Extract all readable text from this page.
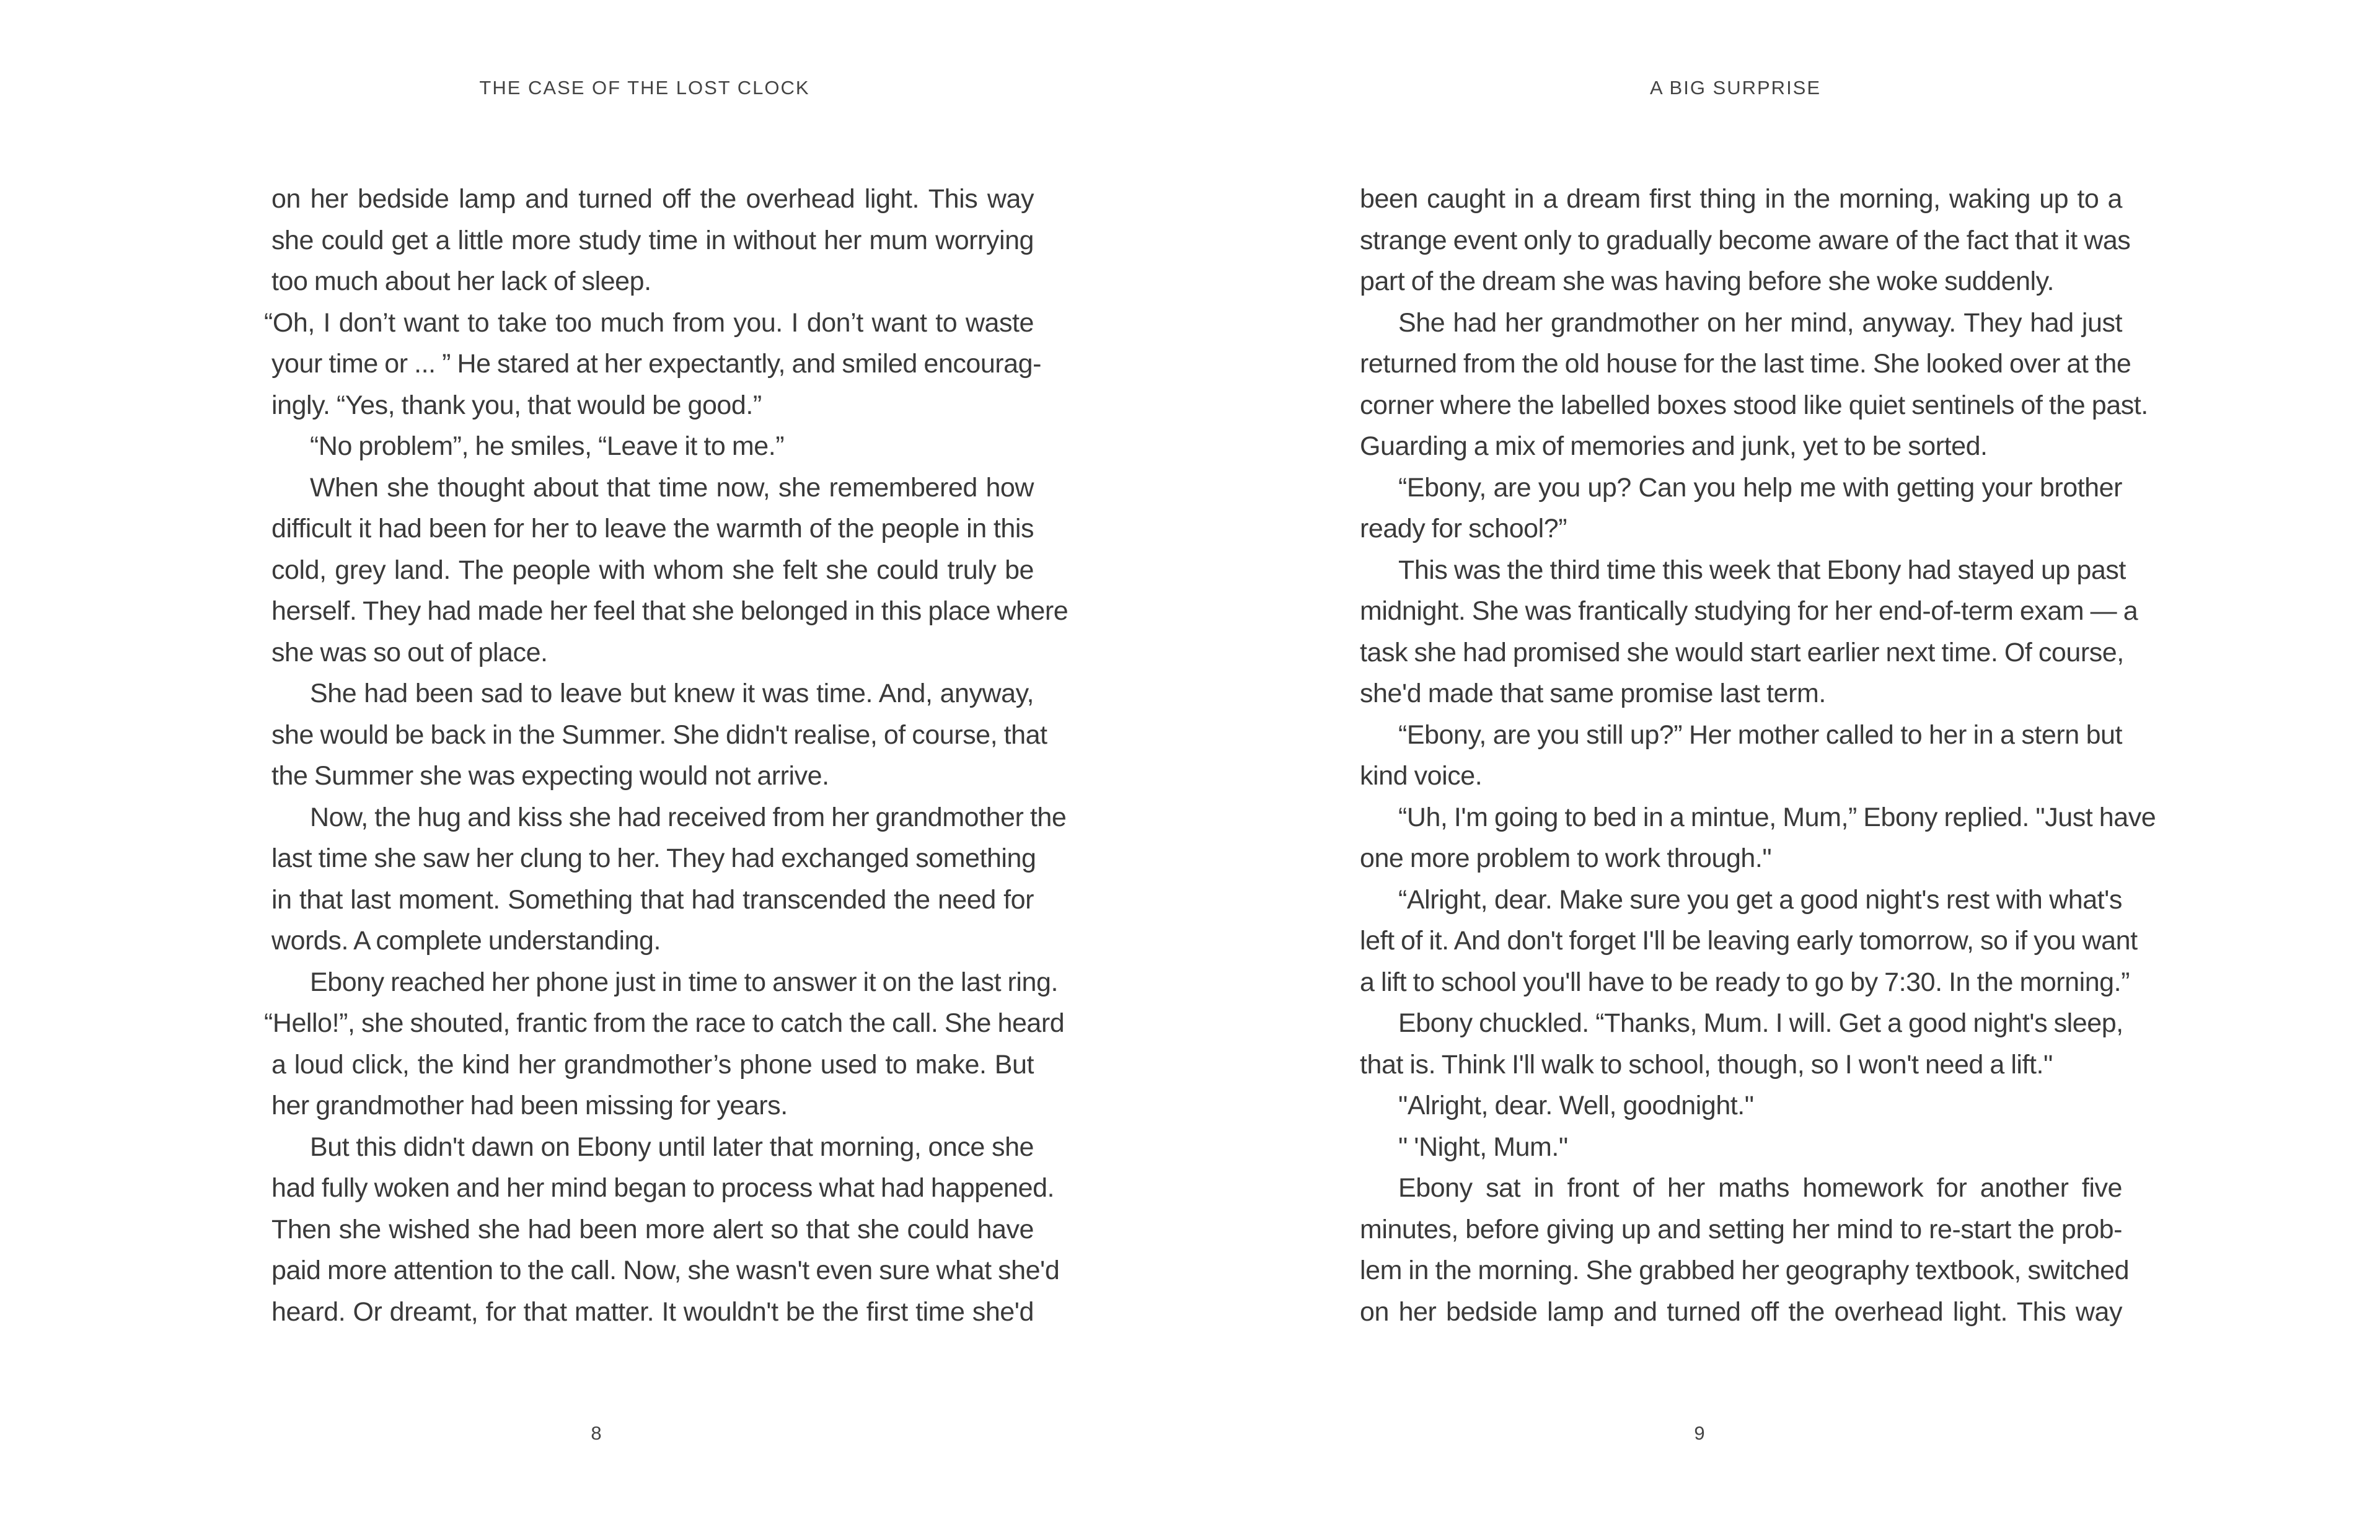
THE CASE OF THE LOST CLOCK
on her bedside lamp and turned off the overhead light. This way
she could get a little more study time in without her mum worrying
too much about her lack of sleep.
“Oh, I don’t want to take too much from you. I don’t want to waste
your time or ... ” He stared at her expectantly, and smiled encourag-
ingly. “Yes, thank you, that would be good.”
“No problem”, he smiles, “Leave it to me.”
When she thought about that time now, she remembered how
difficult it had been for her to leave the warmth of the people in this
cold, grey land. The people with whom she felt she could truly be
herself. They had made her feel that she belonged in this place where
she was so out of place.
She had been sad to leave but knew it was time. And, anyway,
she would be back in the Summer. She didn't realise, of course, that
the Summer she was expecting would not arrive.
Now, the hug and kiss she had received from her grandmother the
last time she saw her clung to her. They had exchanged something
in that last moment. Something that had transcended the need for
words. A complete understanding.
Ebony reached her phone just in time to answer it on the last ring.
“Hello!”, she shouted, frantic from the race to catch the call. She heard
a loud click, the kind her grandmother’s phone used to make. But
her grandmother had been missing for years.
But this didn't dawn on Ebony until later that morning, once she
had fully woken and her mind began to process what had happened.
Then she wished she had been more alert so that she could have
paid more attention to the call. Now, she wasn't even sure what she'd
heard. Or dreamt, for that matter. It wouldn't be the first time she'd
8
A BIG SURPRISE
been caught in a dream first thing in the morning, waking up to a
strange event only to gradually become aware of the fact that it was
part of the dream she was having before she woke suddenly.
She had her grandmother on her mind, anyway. They had just
returned from the old house for the last time. She looked over at the
corner where the labelled boxes stood like quiet sentinels of the past.
Guarding a mix of memories and junk, yet to be sorted.
“Ebony, are you up? Can you help me with getting your brother
ready for school?”
This was the third time this week that Ebony had stayed up past
midnight. She was frantically studying for her end-of-term exam — a
task she had promised she would start earlier next time. Of course,
she'd made that same promise last term.
“Ebony, are you still up?” Her mother called to her in a stern but
kind voice.
“Uh, I'm going to bed in a mintue, Mum,” Ebony replied. "Just have
one more problem to work through."
“Alright, dear. Make sure you get a good night's rest with what's
left of it. And don't forget I'll be leaving early tomorrow, so if you want
a lift to school you'll have to be ready to go by 7:30. In the morning.”
Ebony chuckled. “Thanks, Mum. I will. Get a good night's sleep,
that is. Think I'll walk to school, though, so I won't need a lift."
"Alright, dear. Well, goodnight."
" 'Night, Mum."
Ebony sat in front of her maths homework for another five
minutes, before giving up and setting her mind to re-start the prob-
lem in the morning. She grabbed her geography textbook, switched
on her bedside lamp and turned off the overhead light. This way
9
